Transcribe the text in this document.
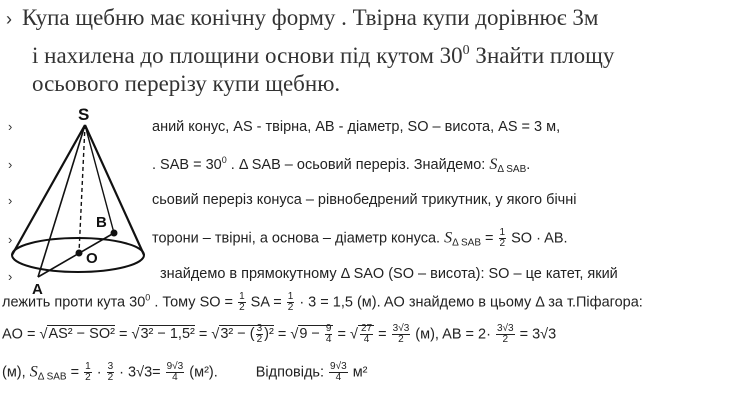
› Купа щебню має конічну форму . Твірна купи дорівнює 3м
і нахилена до площини основи під кутом $30^0$ Знайти площу
осьового перерізу купи щебню.
S
B
O
A
›
›
›
›
›
аний конус, AS - твірна, AB - діаметр, SO – висота, AS = 3 м,
. SAB = $30^0$ . Δ SAB – осьовий переріз. Знайдемо: $S_{\Delta SAB}$.
сьовий переріз конуса – рівнобедрений трикутник, у якого бічні
торони – твірні, а основа – діаметр конуса. $S_{\Delta SAB} = \frac{1}{2}$ SO · AB.
знайдемо в прямокутному Δ SAO (SO – висота): SO – це катет, який
лежить проти кута $30^0$ . Тому SO = $\frac{1}{2}$ SA = $\frac{1}{2} \cdot 3 = 1,5$ (м). AO знайдемо в цьому Δ за т.Піфагора:
AO = √AS² − SO² = √3² − 1,5² = √3² − ( $\frac{3}{2} )^2 = √9 - \frac{9}{4}$ = √ $\frac{27}{4} = \frac{3√3}{2} (м)$, AB = $2\cdot \frac{3√3}{2} = 3√3$
(м), $S_{\Delta SAB} = \frac{1}{2} \cdot \frac{3}{2} \cdot 3√3= \frac{9√3}{4} (м^2)$.	Відповідь: $\frac{9√3}{4} м^2$
